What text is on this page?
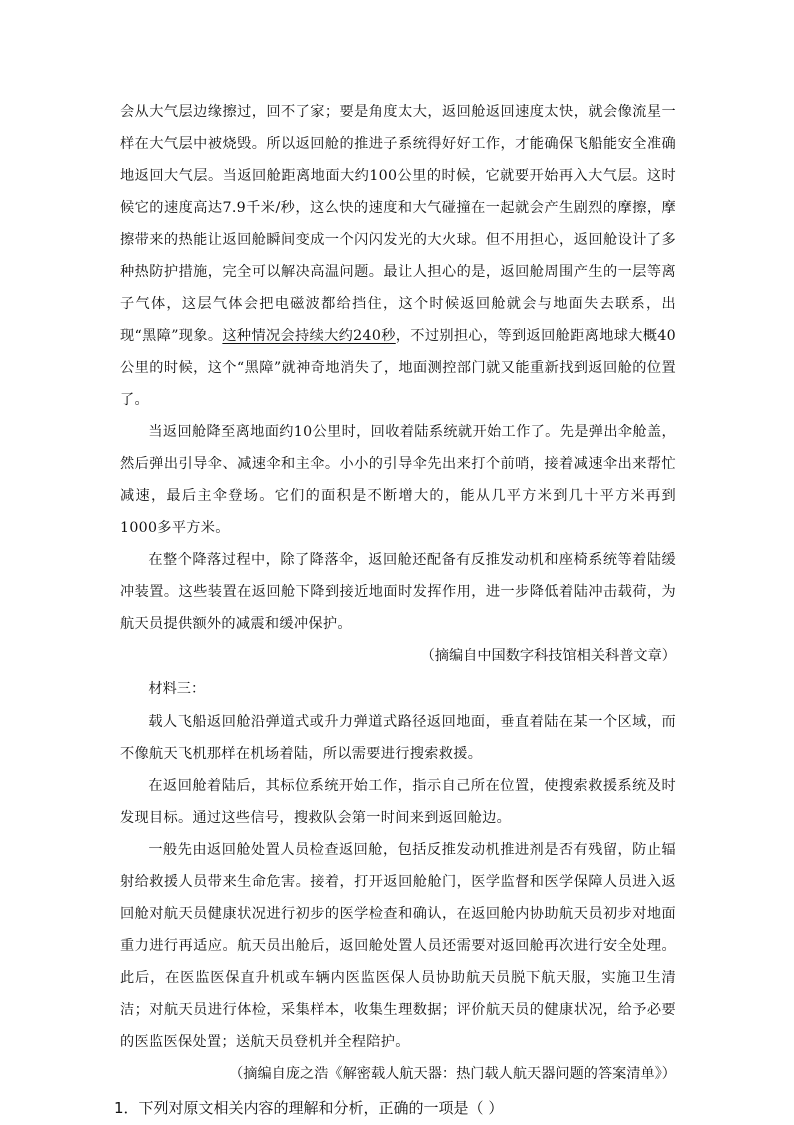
会从大气层边缘擦过，回不了家；要是角度太大，返回舱返回速度太快，就会像流星一样在大气层中被烧毁。所以返回舱的推进子系统得好好工作，才能确保飞船能安全准确地返回大气层。当返回舱距离地面大约100公里的时候，它就要开始再入大气层。这时候它的速度高达7.9千米/秒，这么快的速度和大气碰撞在一起就会产生剧烈的摩擦，摩擦带来的热能让返回舱瞬间变成一个闪闪发光的大火球。但不用担心，返回舱设计了多种热防护措施，完全可以解决高温问题。最让人担心的是，返回舱周围产生的一层等离子气体，这层气体会把电磁波都给挡住，这个时候返回舱就会与地面失去联系，出现“黑障”现象。这种情况会持续大约240秒，不过别担心，等到返回舱距离地球大概40公里的时候，这个“黑障”就神奇地消失了，地面测控部门就又能重新找到返回舱的位置了。

当返回舱降至离地面约10公里时，回收着陆系统就开始工作了。先是弹出伞舱盖，然后弹出引导伞、减速伞和主伞。小小的引导伞先出来打个前哨，接着减速伞出来帮忙减速，最后主伞登场。它们的面积是不断增大的，能从几平方米到几十平方米再到1000多平方米。

在整个降落过程中，除了降落伞，返回舱还配备有反推发动机和座椅系统等着陆缓冲装置。这些装置在返回舱下降到接近地面时发挥作用，进一步降低着陆冲击载荷，为航天员提供额外的减震和缓冲保护。

（摘编自中国数字科技馆相关科普文章）

材料三：

载人飞船返回舱沿弹道式或升力弹道式路径返回地面，垂直着陆在某一个区域，而不像航天飞机那样在机场着陆，所以需要进行搜索救援。

在返回舱着陆后，其标位系统开始工作，指示自己所在位置，使搜索救援系统及时发现目标。通过这些信号，搜救队会第一时间来到返回舱边。

一般先由返回舱处置人员检查返回舱，包括反推发动机推进剂是否有残留，防止辐射给救援人员带来生命危害。接着，打开返回舱舱门，医学监督和医学保障人员进入返回舱对航天员健康状况进行初步的医学检查和确认，在返回舱内协助航天员初步对地面重力进行再适应。航天员出舱后，返回舱处置人员还需要对返回舱再次进行安全处理。此后，在医监医保直升机或车辆内医监医保人员协助航天员脱下航天服，实施卫生清洁；对航天员进行体检，采集样本，收集生理数据；评价航天员的健康状况，给予必要的医监医保处置；送航天员登机并全程陪护。

（摘编自庞之浩《解密载人航天器：热门载人航天器问题的答案清单》）

1．下列对原文相关内容的理解和分析，正确的一项是（ ）
